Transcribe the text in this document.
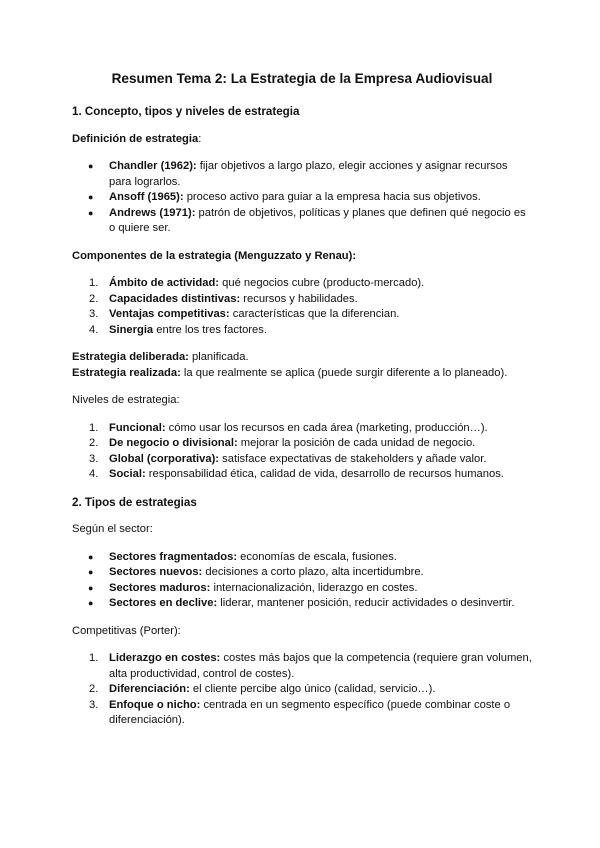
Resumen Tema 2: La Estrategia de la Empresa Audiovisual
1. Concepto, tipos y niveles de estrategia

Definición de estrategia:

● Chandler (1962): fijar objetivos a largo plazo, elegir acciones y asignar recursos para lograrlos.
● Ansoff (1965): proceso activo para guiar a la empresa hacia sus objetivos.
● Andrews (1971): patrón de objetivos, políticas y planes que definen qué negocio es o quiere ser.

Componentes de la estrategia (Menguzzato y Renau):

1. Ámbito de actividad: qué negocios cubre (producto-mercado).
2. Capacidades distintivas: recursos y habilidades.
3. Ventajas competitivas: características que la diferencian.
4. Sinergia entre los tres factores.

Estrategia deliberada: planificada.

Estrategia realizada: la que realmente se aplica (puede surgir diferente a lo planeado).

Niveles de estrategia:

1. Funcional: cómo usar los recursos en cada área (marketing, producción…).
2. De negocio o divisional: mejorar la posición de cada unidad de negocio.
3. Global (corporativa): satisface expectativas de stakeholders y añade valor.
4. Social: responsabilidad ética, calidad de vida, desarrollo de recursos humanos.
2. Tipos de estrategias

Según el sector:

● Sectores fragmentados: economías de escala, fusiones.
● Sectores nuevos: decisiones a corto plazo, alta incertidumbre.
● Sectores maduros: internacionalización, liderazgo en costes.
● Sectores en declive: liderar, mantener posición, reducir actividades o desinvertir.

Competitivas (Porter):

1. Liderazgo en costes: costes más bajos que la competencia (requiere gran volumen, alta productividad, control de costes).
2. Diferenciación: el cliente percibe algo único (calidad, servicio…).
3. Enfoque o nicho: centrada en un segmento específico (puede combinar coste o diferenciación).
